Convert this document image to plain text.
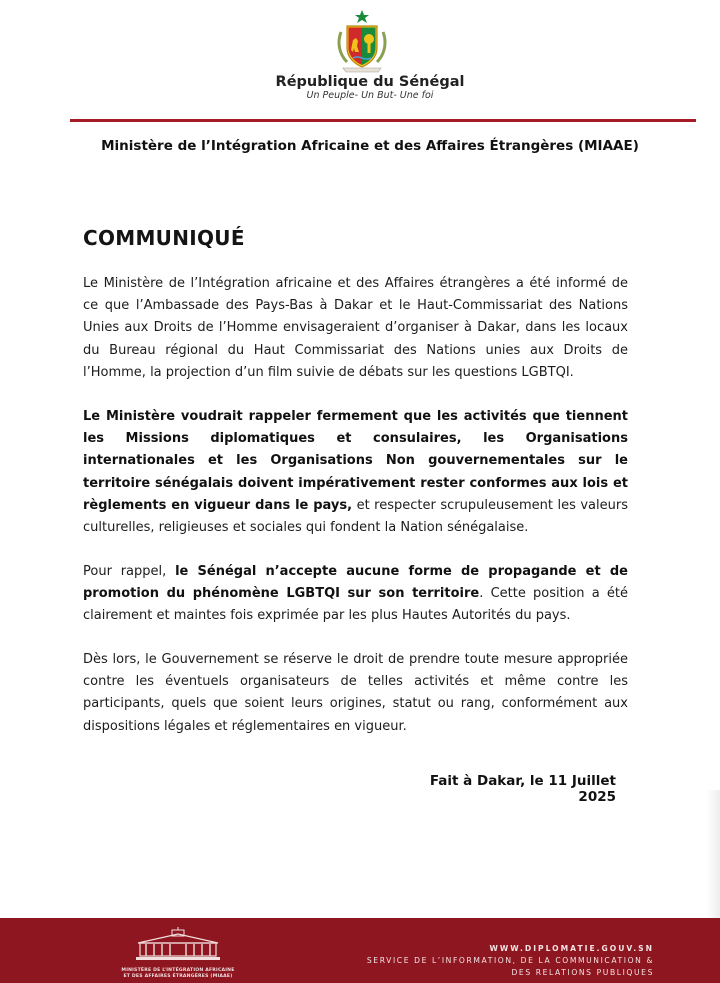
République du Sénégal
Un Peuple- Un But- Une foi
Ministère de l’Intégration Africaine et des Affaires Étrangères (MIAAE)
COMMUNIQUÉ
Le Ministère de l’Intégration africaine et des Affaires étrangères a été informé de ce que l’Ambassade des Pays-Bas à Dakar et le Haut-Commissariat des Nations Unies aux Droits de l’Homme envisageraient d’organiser à Dakar, dans les locaux du Bureau régional du Haut Commissariat des Nations unies aux Droits de l’Homme, la projection d’un film suivie de débats sur les questions LGBTQI.
Le Ministère voudrait rappeler fermement que les activités que tiennent les Missions diplomatiques et consulaires, les Organisations internationales et les Organisations Non gouvernementales sur le territoire sénégalais doivent impérativement rester conformes aux lois et règlements en vigueur dans le pays, et respecter scrupuleusement les valeurs culturelles, religieuses et sociales qui fondent la Nation sénégalaise.
Pour rappel, le Sénégal n’accepte aucune forme de propagande et de promotion du phénomène LGBTQI sur son territoire. Cette position a été clairement et maintes fois exprimée par les plus Hautes Autorités du pays.
Dès lors, le Gouvernement se réserve le droit de prendre toute mesure appropriée contre les éventuels organisateurs de telles activités et même contre les participants, quels que soient leurs origines, statut ou rang, conformément aux dispositions légales et réglementaires en vigueur.
Fait à Dakar, le 11 Juillet 2025
MINISTÈRE DE L’INTÉGRATION AFRICAINE
ET DES AFFAIRES ÉTRANGÈRES (MIAAE)
WWW.DIPLOMATIE.GOUV.SN
SERVICE DE L’INFORMATION, DE LA COMMUNICATION &
DES RELATIONS PUBLIQUES
